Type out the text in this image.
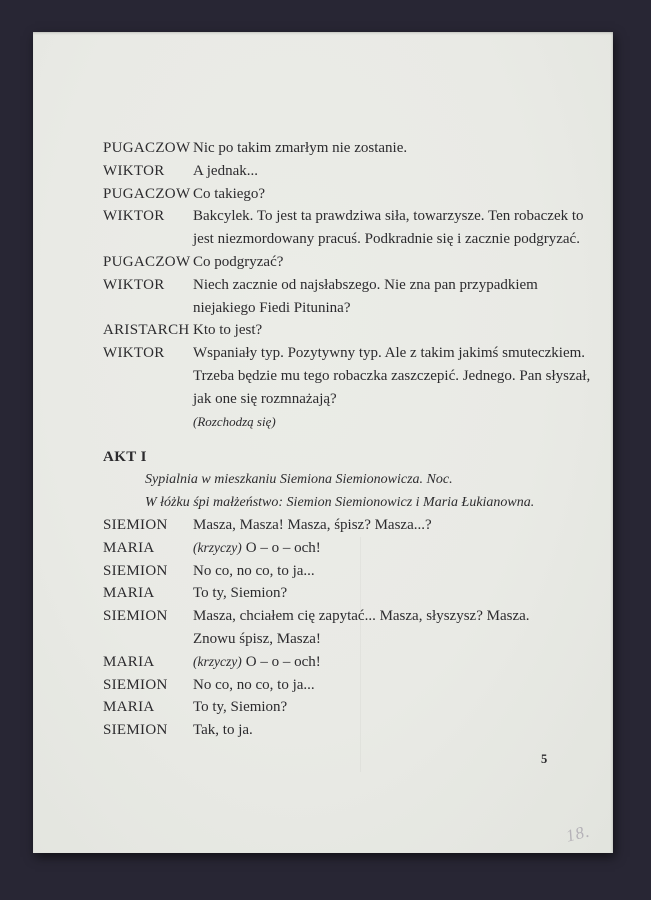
PUGACZOW Nic po takim zmarłym nie zostanie.
WIKTOR	A jednak...
PUGACZOW Co takiego?
WIKTOR	Bakcylek. To jest ta prawdziwa siła, towarzysze. Ten robaczek to
jest niezmordowany pracuś. Podkradnie się i zacznie podgryzać.
PUGACZOW Co podgryzać?
WIKTOR	Niech zacznie od najsłabszego. Nie zna pan przypadkiem
niejakiego Fiedi Pitunina?
ARISTARCH Kto to jest?
WIKTOR	Wspaniały typ. Pozytywny typ. Ale z takim jakimś smuteczkiem.
Trzeba będzie mu tego robaczka zaszczepić. Jednego. Pan słyszał,
jak one się rozmnażają?
(Rozchodzą się)
AKT I
Sypialnia w mieszkaniu Siemiona Siemionowicza. Noc.
W łóżku śpi małżeństwo: Siemion Siemionowicz i Maria Łukianowna.
SIEMION	Masza, Masza! Masza, śpisz? Masza...?
MARIA	(krzyczy) O – o – och!
SIEMION	No co, no co, to ja...
MARIA	To ty, Siemion?
SIEMION	Masza, chciałem cię zapytać... Masza, słyszysz? Masza.
Znowu śpisz, Masza!
MARIA	(krzyczy) O – o – och!
SIEMION	No co, no co, to ja...
MARIA	To ty, Siemion?
SIEMION	Tak, to ja.
5
18.
